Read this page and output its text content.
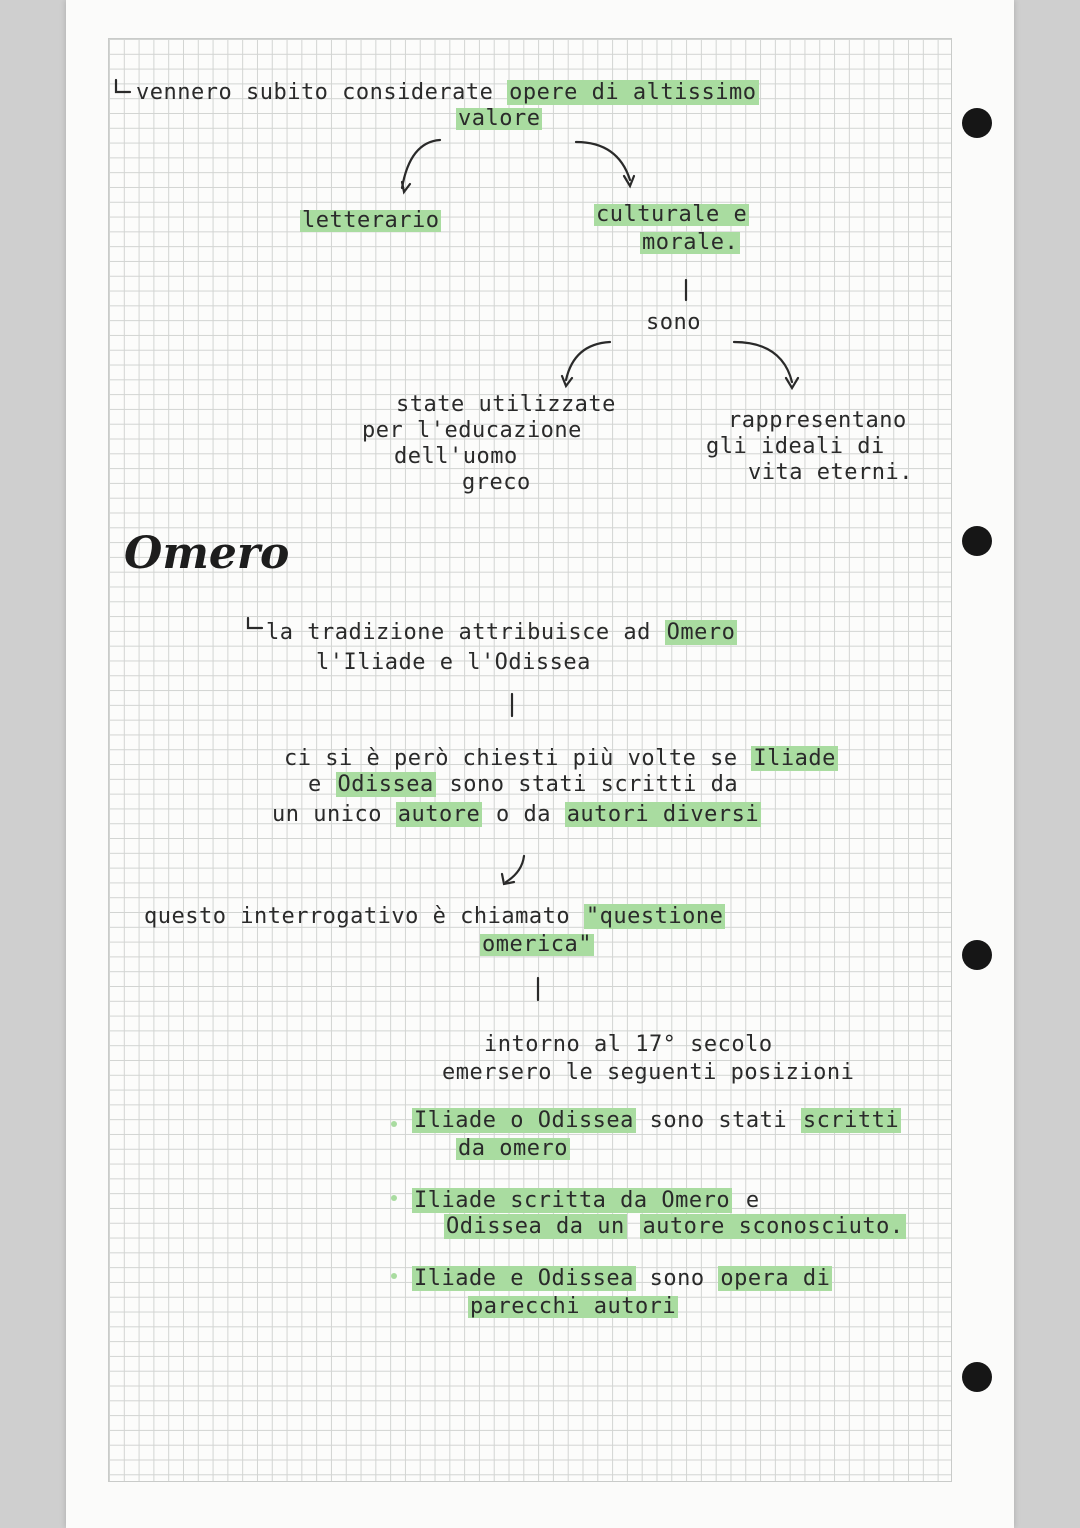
vennero subito considerate opere di altissimo
valore
letterario	culturale e
morale.
sono
state utilizzate
per l'educazione
dell'uomo
greco
rappresentano
gli ideali di
vita eterni.
Omero
la tradizione attribuisce ad Omero
l'Iliade e l'Odissea
ci si è però chiesti più volte se Iliade
e Odissea sono stati scritti da
un unico autore o da autori diversi
questo interrogativo è chiamato "questione
omerica"
intorno al 17° secolo
emersero le seguenti posizioni
Iliade o Odissea sono stati scritti
da omero
Iliade scritta da Omero e
Odissea da un autore sconosciuto.
Iliade e Odissea sono opera di
parecchi autori
